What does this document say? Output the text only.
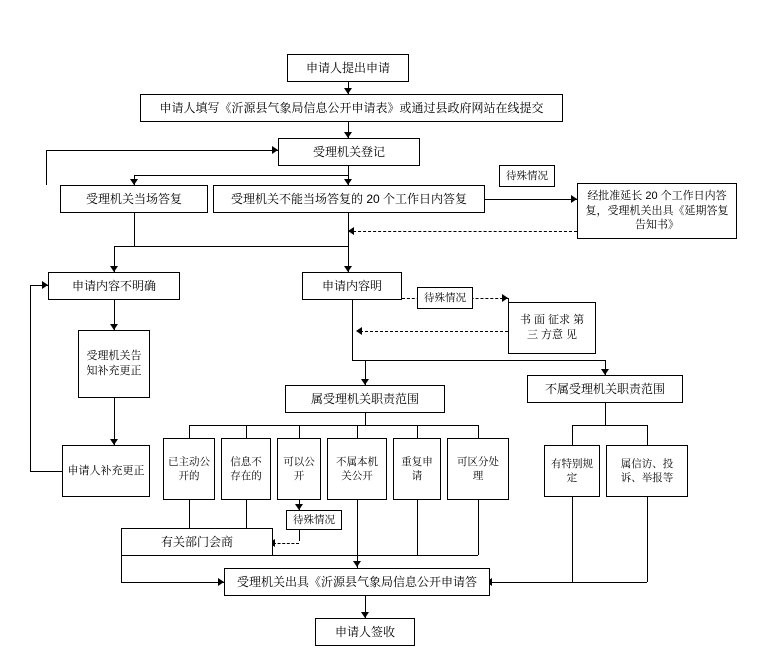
申请人提出申请
申请人填写《沂源县气象局信息公开申请表》或通过县政府网站在线提交
受理机关登记
受理机关当场答复	受理机关不能当场答复的 20 个工作日内答复	经批准延长 20 个工作日内答复，受理机关出具《延期答复告知书》
申请内容不明确	申请内容明
书 面 征求 第 三 方意 见
受理机关告知补充更正
申请人补充更正
属受理机关职责范围
不属受理机关职责范围
已主动公开的
信息不存在的
可以公开
不属本机关公开
重复申请
可区分处理
有特别规定
属信访、投诉、举报等
有关部门会商
受理机关出具《沂源县气象局信息公开申请答
申请人签收
待殊情况
待殊情况
待殊情况
